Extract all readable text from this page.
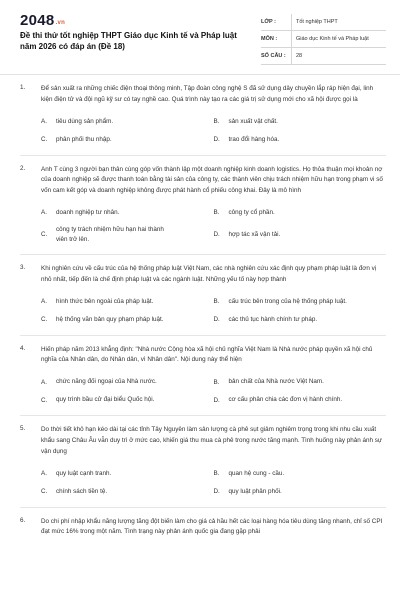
2048.vn
Đề thi thử tốt nghiệp THPT Giáo dục Kinh tế và Pháp luật năm 2026 có đáp án (Đề 18)
LỚP :	Tốt nghiệp THPT
MÔN :	Giáo dục Kinh tế và Pháp luật
SỐ CÂU :	28
1.	Để sản xuất ra những chiếc điện thoại thông minh, Tập đoàn công nghệ S đã sử dụng dây chuyền lắp ráp hiện đại, linh kiện điện tử và đội ngũ kỹ sư có tay nghề cao. Quá trình này tạo ra các giá trị sử dụng mới cho xã hội được gọi là
A.	tiêu dùng sản phẩm.	B.	sản xuất vật chất.
C.	phân phối thu nhập.	D.	trao đổi hàng hóa.
2.	Anh T cùng 3 người bạn thân cùng góp vốn thành lập một doanh nghiệp kinh doanh logistics. Họ thỏa thuận mọi khoản nợ của doanh nghiệp sẽ được thanh toán bằng tài sản của công ty, các thành viên chịu trách nhiệm hữu hạn trong phạm vi số vốn cam kết góp và doanh nghiệp không được phát hành cổ phiếu công khai. Đây là mô hình
A.	doanh nghiệp tư nhân.	B.	công ty cổ phần.
C.
công ty trách nhiệm hữu hạn hai thành viên trở lên.
D.	hợp tác xã vận tải.
3.	Khi nghiên cứu về cấu trúc của hệ thống pháp luật Việt Nam, các nhà nghiên cứu xác định quy phạm pháp luật là đơn vị nhỏ nhất, tiếp đến là chế định pháp luật và các ngành luật. Những yếu tố này hợp thành
A.	hình thức bên ngoài của pháp luật.	B.	cấu trúc bên trong của hệ thống pháp luật.
C.	hệ thống văn bản quy phạm pháp luật.	D.	các thủ tục hành chính tư pháp.
4.	Hiến pháp năm 2013 khẳng định: "Nhà nước Cộng hòa xã hội chủ nghĩa Việt Nam là Nhà nước pháp quyền xã hội chủ nghĩa của Nhân dân, do Nhân dân, vì Nhân dân". Nội dung này thể hiện
A.	chức năng đối ngoại của Nhà nước.	B.	bản chất của Nhà nước Việt Nam.
C.	quy trình bầu cử đại biểu Quốc hội.	D.	cơ cấu phân chia các đơn vị hành chính.
5.	Do thời tiết khô hạn kéo dài tại các tỉnh Tây Nguyên làm sản lượng cà phê sụt giảm nghiêm trọng trong khi nhu cầu xuất khẩu sang Châu Âu vẫn duy trì ở mức cao, khiến giá thu mua cà phê trong nước tăng mạnh. Tình huống này phản ánh sự vận dụng
A.	quy luật cạnh tranh.	B.	quan hệ cung - cầu.
C.	chính sách tiền tệ.	D.	quy luật phân phối.
6.	Do chi phí nhập khẩu năng lượng tăng đột biến làm cho giá cả hầu hết các loại hàng hóa tiêu dùng tăng nhanh, chỉ số CPI đạt mức 16% trong một năm. Tình trạng này phản ánh quốc gia đang gặp phải
